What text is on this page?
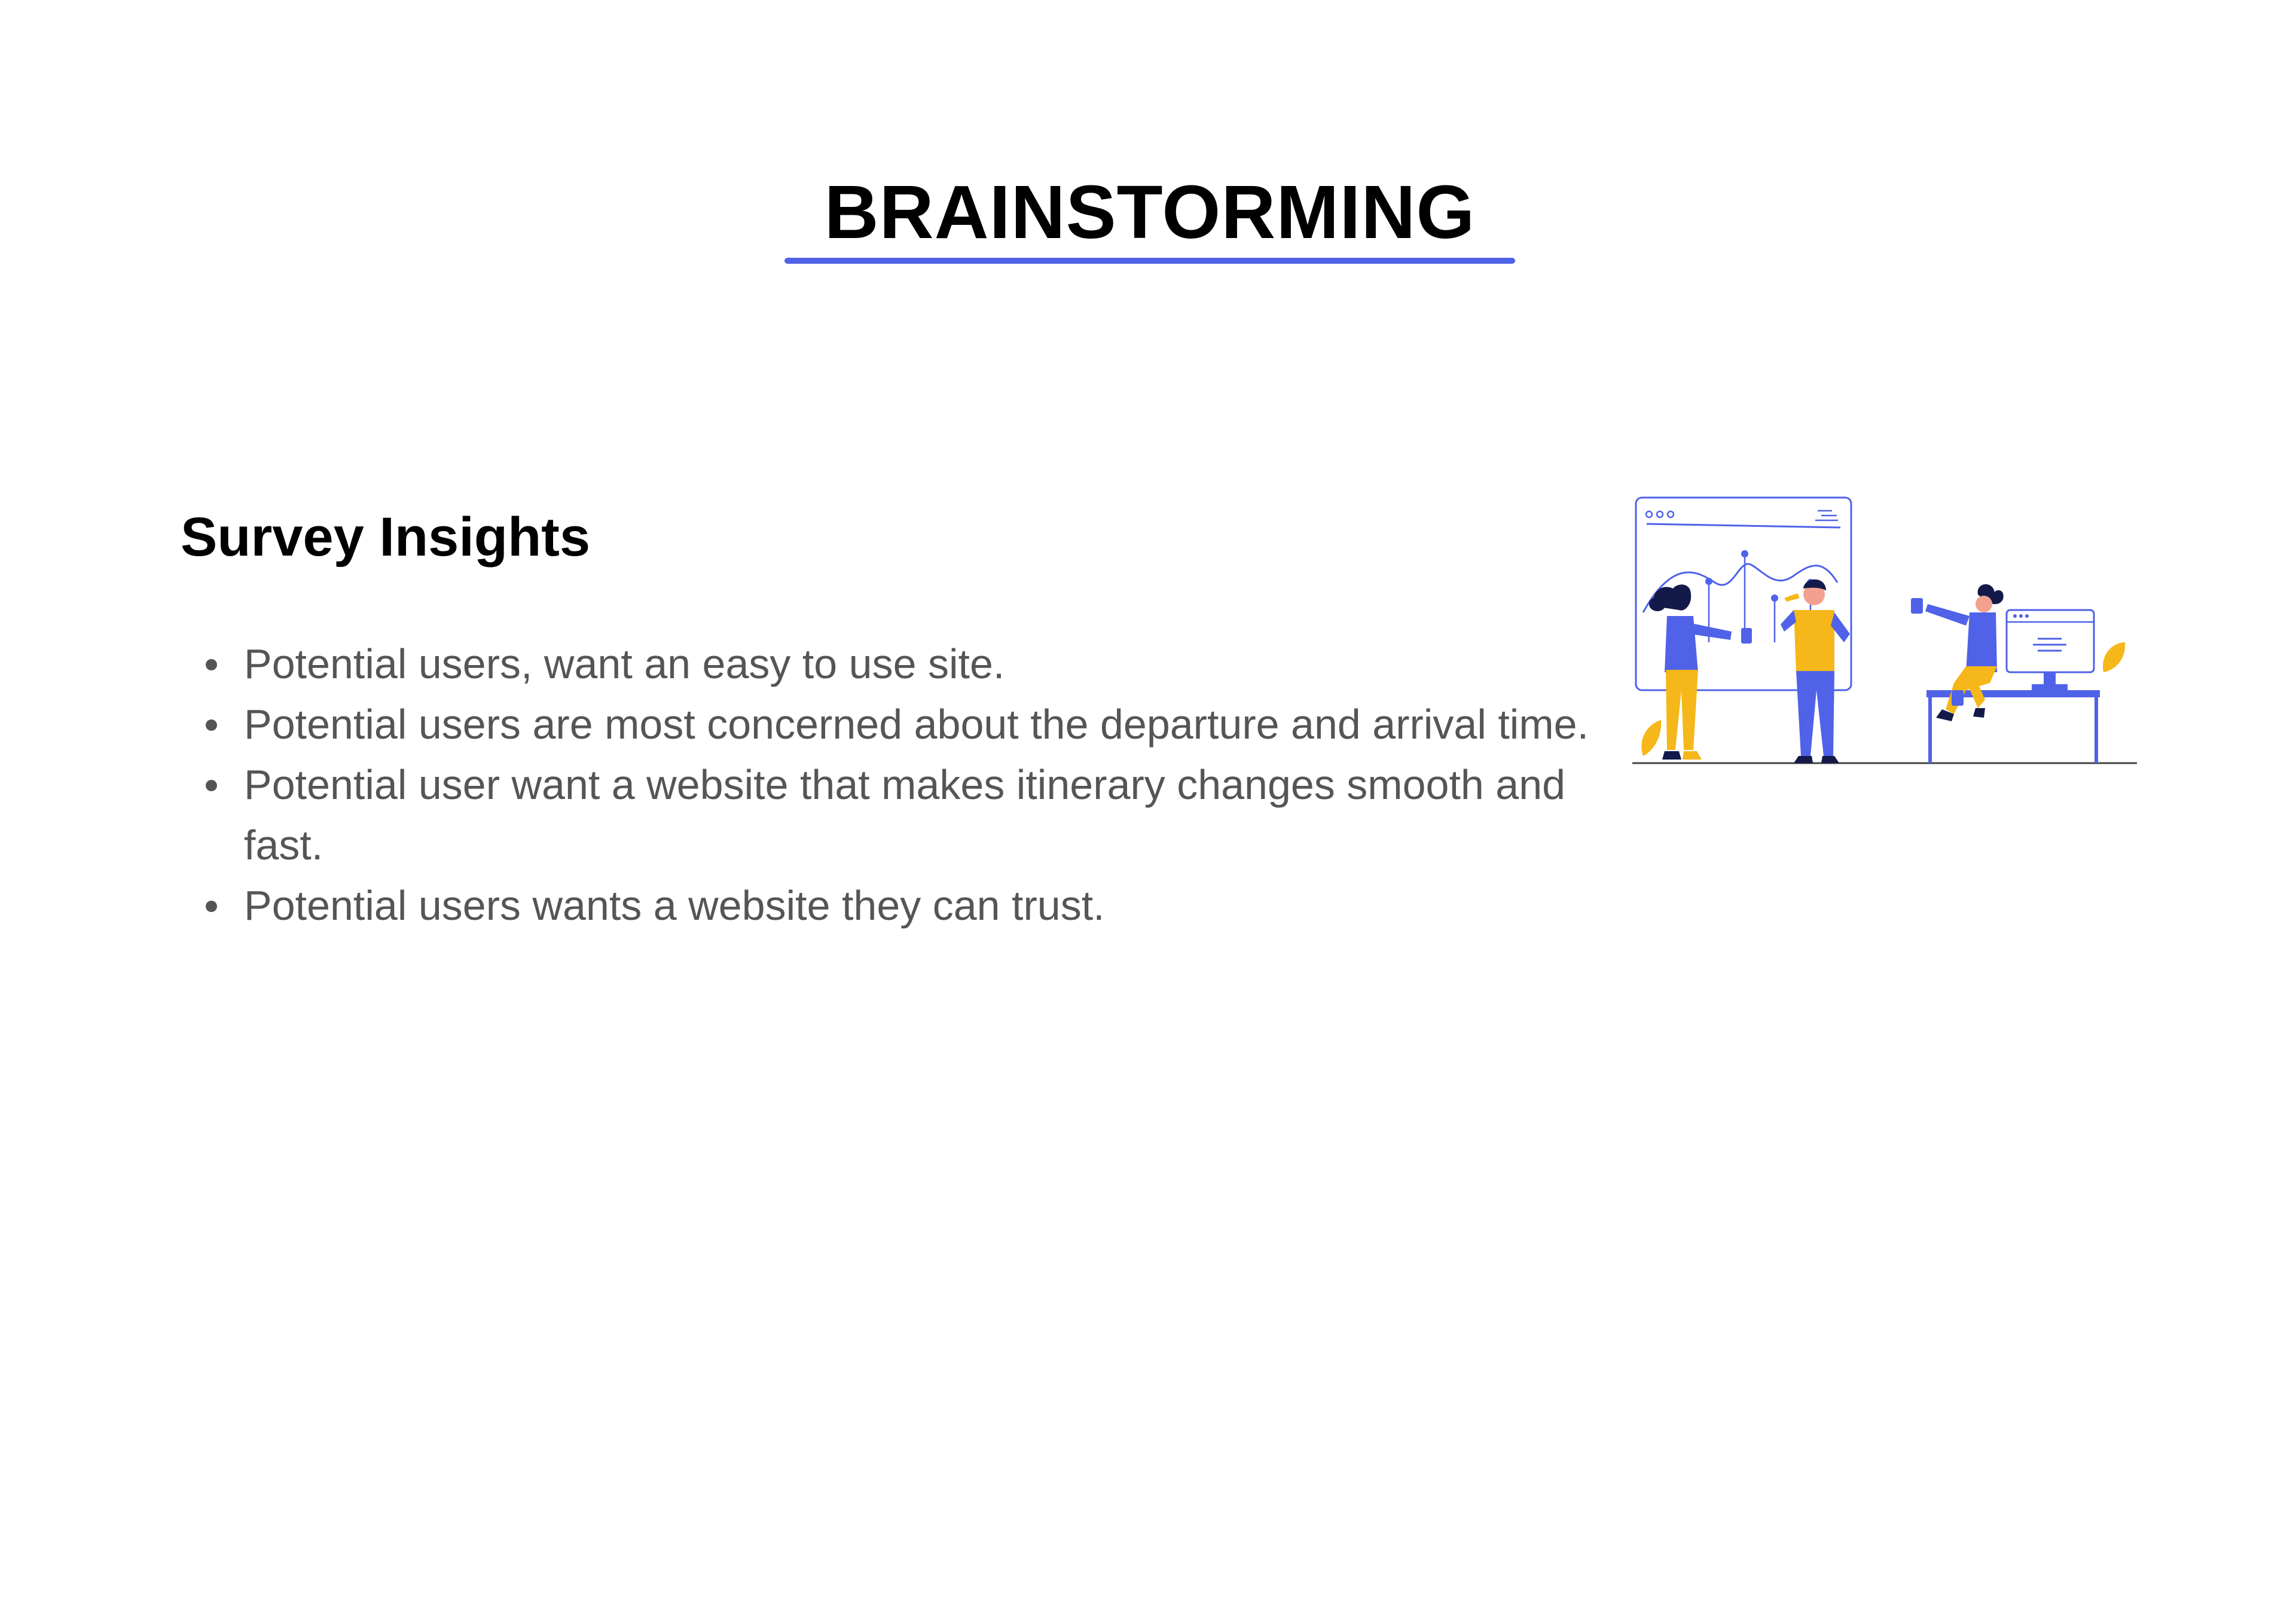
BRAINSTORMING
Survey Insights
Potential users, want an easy to use site.
Potential users are most concerned about the departure and arrival time.
Potential user want a website that makes itinerary changes smooth and fast.
Potential users wants a website they can trust.
